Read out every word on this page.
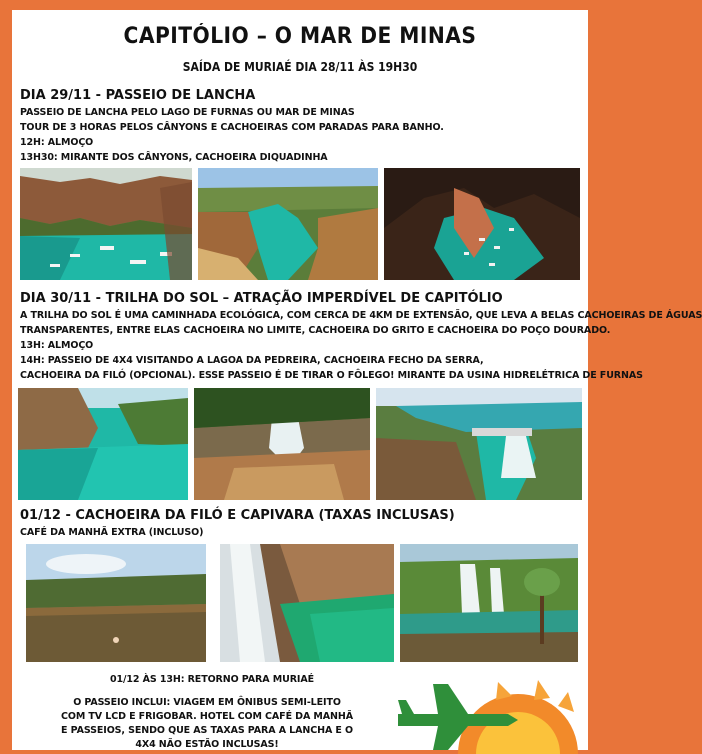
CAPITÓLIO – O MAR DE MINAS
SAÍDA DE MURIAÉ DIA 28/11 ÀS 19H30
DIA 29/11 - PASSEIO DE LANCHA
PASSEIO DE LANCHA PELO LAGO DE FURNAS OU MAR DE MINAS
TOUR DE 3 HORAS PELOS CÂNYONS E CACHOEIRAS COM PARADAS PARA BANHO.
12H: ALMOÇO
13H30: MIRANTE DOS CÂNYONS, CACHOEIRA DIQUADINHA
DIA 30/11 - TRILHA DO SOL – ATRAÇÃO IMPERDÍVEL DE CAPITÓLIO
A TRILHA DO SOL É UMA CAMINHADA ECOLÓGICA, COM CERCA DE 4KM DE EXTENSÃO, QUE LEVA A BELAS CACHOEIRAS DE ÁGUAS
TRANSPARENTES, ENTRE ELAS CACHOEIRA NO LIMITE, CACHOEIRA DO GRITO E CACHOEIRA DO POÇO DOURADO.
13H: ALMOÇO
14H: PASSEIO DE 4X4 VISITANDO A LAGOA DA PEDREIRA, CACHOEIRA FECHO DA SERRA,
CACHOEIRA DA FILÓ (OPCIONAL). ESSE PASSEIO É DE TIRAR O FÔLEGO! MIRANTE DA USINA HIDRELÉTRICA DE FURNAS
01/12 - CACHOEIRA DA FILÓ E CAPIVARA (TAXAS INCLUSAS)
CAFÉ DA MANHÃ EXTRA (INCLUSO)
01/12 ÀS 13H: RETORNO PARA MURIAÉ
O PASSEIO INCLUI: VIAGEM EM ÔNIBUS SEMI-LEITO
COM TV LCD E FRIGOBAR. HOTEL COM CAFÉ DA MANHÃ
E PASSEIOS, SENDO QUE AS TAXAS PARA A LANCHA E O
4X4 NÃO ESTÃO INCLUSAS!
